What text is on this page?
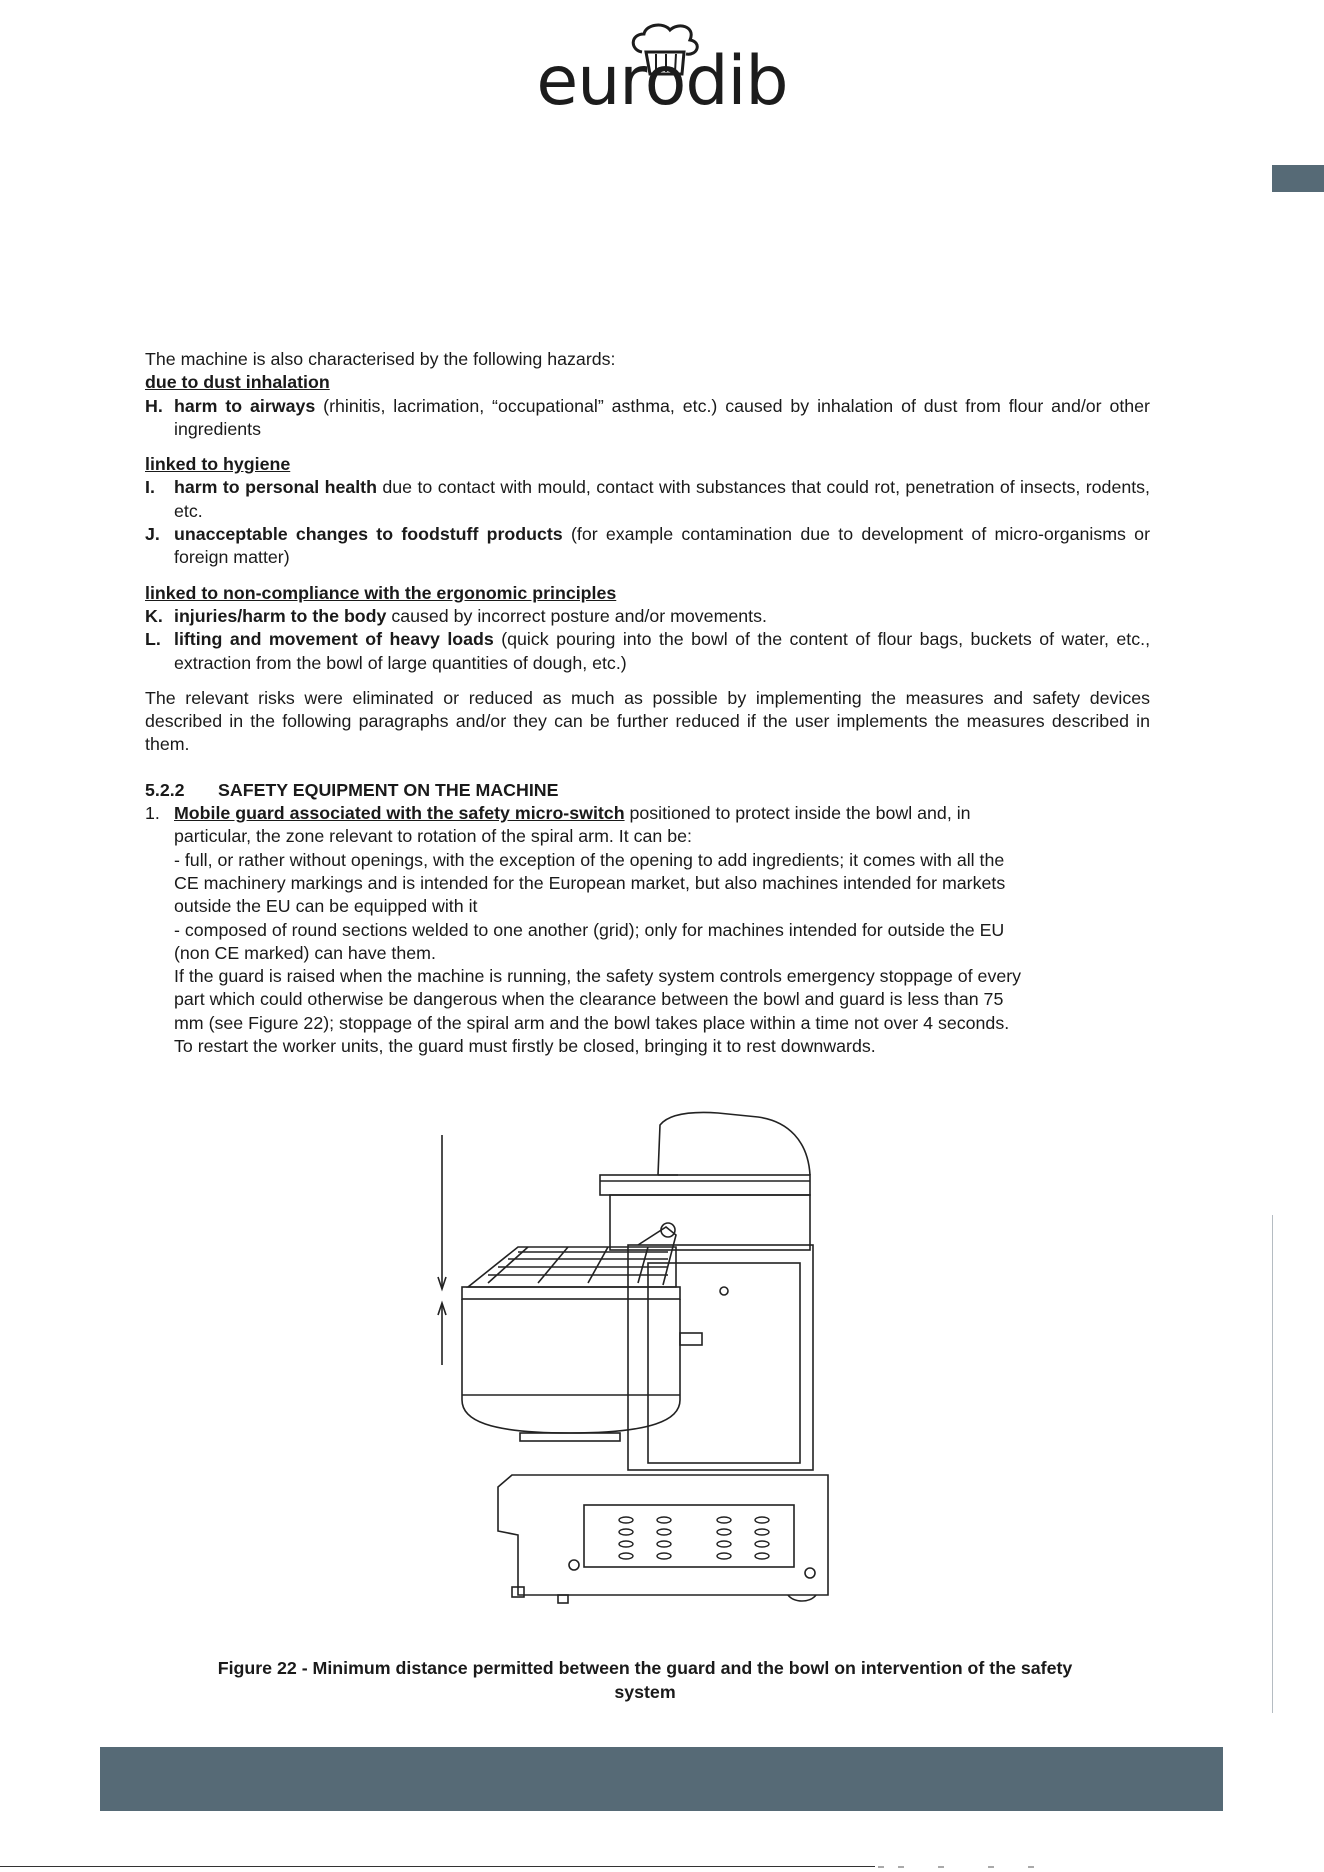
eurodib

The machine is also characterised by the following hazards:

due to dust inhalation

H. harm to airways (rhinitis, lacrimation, “occupational” asthma, etc.) caused by inhalation of dust from flour and/or other ingredients

linked to hygiene

I. harm to personal health due to contact with mould, contact with substances that could rot, penetration of insects, rodents, etc.
J. unacceptable changes to foodstuff products (for example contamination due to development of micro-organisms or foreign matter)

linked to non-compliance with the ergonomic principles

K. injuries/harm to the body caused by incorrect posture and/or movements.
L. lifting and movement of heavy loads (quick pouring into the bowl of the content of flour bags, buckets of water, etc., extraction from the bowl of large quantities of dough, etc.)

The relevant risks were eliminated or reduced as much as possible by implementing the measures and safety devices described in the following paragraphs and/or they can be further reduced if the user implements the measures described in them.

5.2.2 SAFETY EQUIPMENT ON THE MACHINE

1. Mobile guard associated with the safety micro-switch positioned to protect inside the bowl and, in
particular, the zone relevant to rotation of the spiral arm. It can be:
- full, or rather without openings, with the exception of the opening to add ingredients; it comes with all the
CE machinery markings and is intended for the European market, but also machines intended for markets
outside the EU can be equipped with it
- composed of round sections welded to one another (grid); only for machines intended for outside the EU
(non CE marked) can have them.
If the guard is raised when the machine is running, the safety system controls emergency stoppage of every
part which could otherwise be dangerous when the clearance between the bowl and guard is less than 75
mm (see Figure 22); stoppage of the spiral arm and the bowl takes place within a time not over 4 seconds.
To restart the worker units, the guard must firstly be closed, bringing it to rest downwards.
Figure 22 - Minimum distance permitted between the guard and the bowl on intervention of the safety
system
